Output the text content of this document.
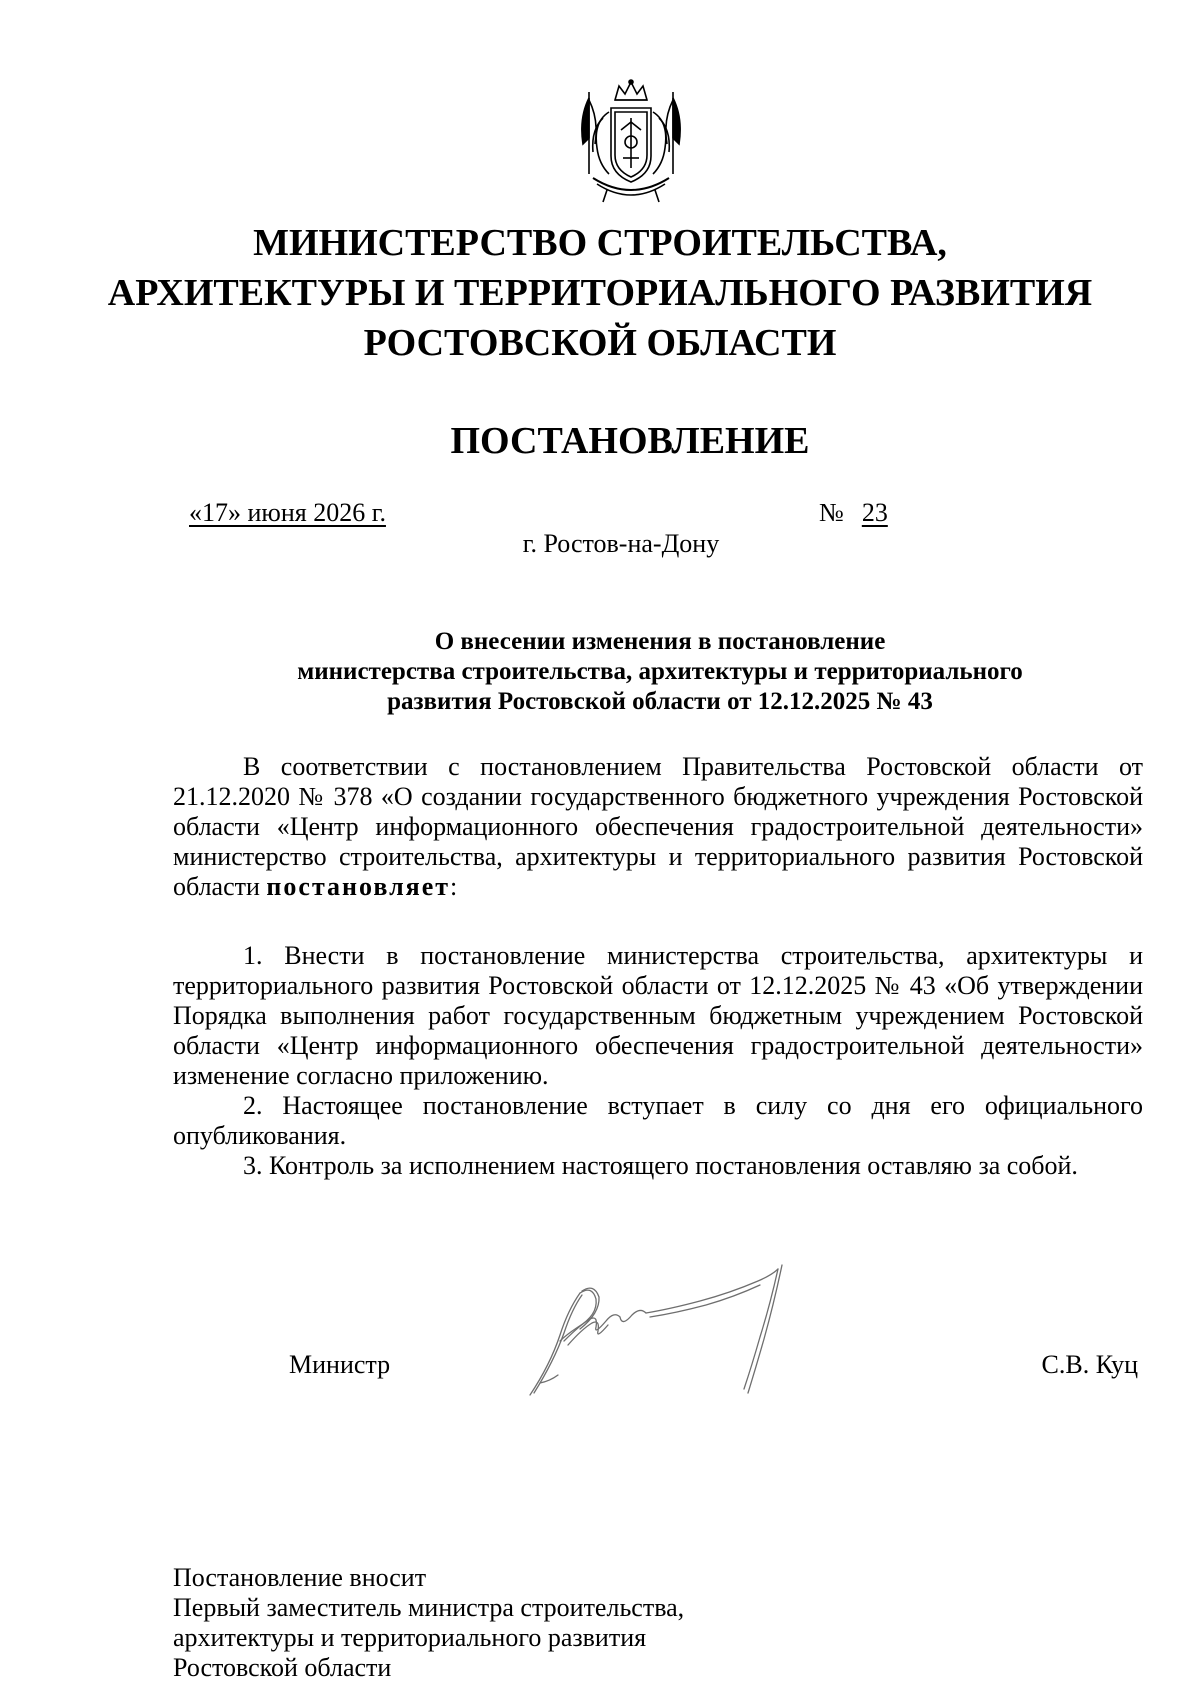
МИНИСТЕРСТВО СТРОИТЕЛЬСТВА,
АРХИТЕКТУРЫ И ТЕРРИТОРИАЛЬНОГО РАЗВИТИЯ
РОСТОВСКОЙ ОБЛАСТИ
ПОСТАНОВЛЕНИЕ
«17» июня 2026 г.	№ 23
г. Ростов-на-Дону
О внесении изменения в постановление
министерства строительства, архитектуры и территориального
развития Ростовской области от 12.12.2025 № 43

В соответствии с постановлением Правительства Ростовской области от 21.12.2020 № 378 «О создании государственного бюджетного учреждения Ростовской области «Центр информационного обеспечения градостроительной деятельности» министерство строительства, архитектуры и территориального развития Ростовской области постановляет:

1. Внести в постановление министерства строительства, архитектуры и территориального развития Ростовской области от 12.12.2025 № 43 «Об утверждении Порядка выполнения работ государственным бюджетным учреждением Ростовской области «Центр информационного обеспечения градостроительной деятельности» изменение согласно приложению.

2. Настоящее постановление вступает в силу со дня его официального опубликования.

3. Контроль за исполнением настоящего постановления оставляю за собой.

Министр	С.В. Куц
Постановление вносит
Первый заместитель министра строительства,
архитектуры и территориального развития
Ростовской области
